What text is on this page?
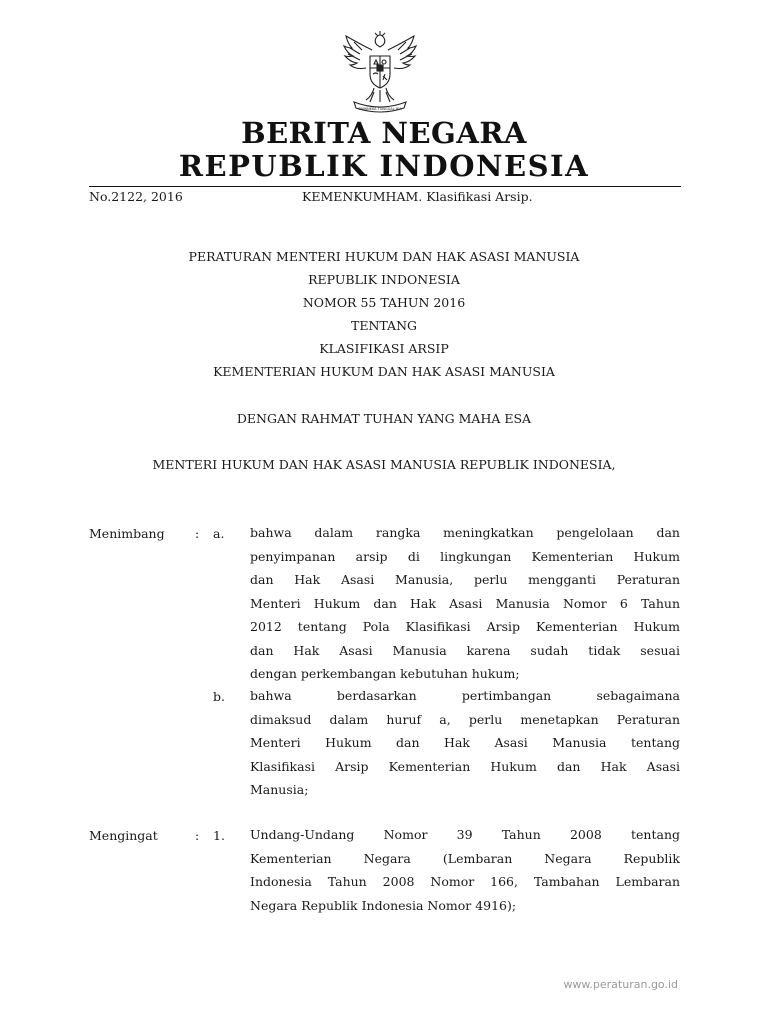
BHINNEKA TUNGGAL IKA
BERITA NEGARA
REPUBLIK INDONESIA
No.2122, 2016	KEMENKUMHAM. Klasifikasi Arsip.
PERATURAN MENTERI HUKUM DAN HAK ASASI MANUSIA
REPUBLIK INDONESIA
NOMOR 55 TAHUN 2016
TENTANG
KLASIFIKASI ARSIP
KEMENTERIAN HUKUM DAN HAK ASASI MANUSIA
DENGAN RAHMAT TUHAN YANG MAHA ESA
MENTERI HUKUM DAN HAK ASASI MANUSIA REPUBLIK INDONESIA,
Menimbang : a. bahwa dalam rangka meningkatkan pengelolaan dan
penyimpanan arsip di lingkungan Kementerian Hukum
dan Hak Asasi Manusia, perlu mengganti Peraturan
Menteri Hukum dan Hak Asasi Manusia Nomor 6 Tahun
2012 tentang Pola Klasifikasi Arsip Kementerian Hukum
dan Hak Asasi Manusia karena sudah tidak sesuai
dengan perkembangan kebutuhan hukum;
b. bahwa berdasarkan pertimbangan sebagaimana
dimaksud dalam huruf a, perlu menetapkan Peraturan
Menteri Hukum dan Hak Asasi Manusia tentang
Klasifikasi Arsip Kementerian Hukum dan Hak Asasi
Manusia;
Mengingat	: 1. Undang-Undang Nomor 39 Tahun 2008 tentang
Kementerian Negara (Lembaran Negara Republik
Indonesia Tahun 2008 Nomor 166, Tambahan Lembaran
Negara Republik Indonesia Nomor 4916);
www.peraturan.go.id
